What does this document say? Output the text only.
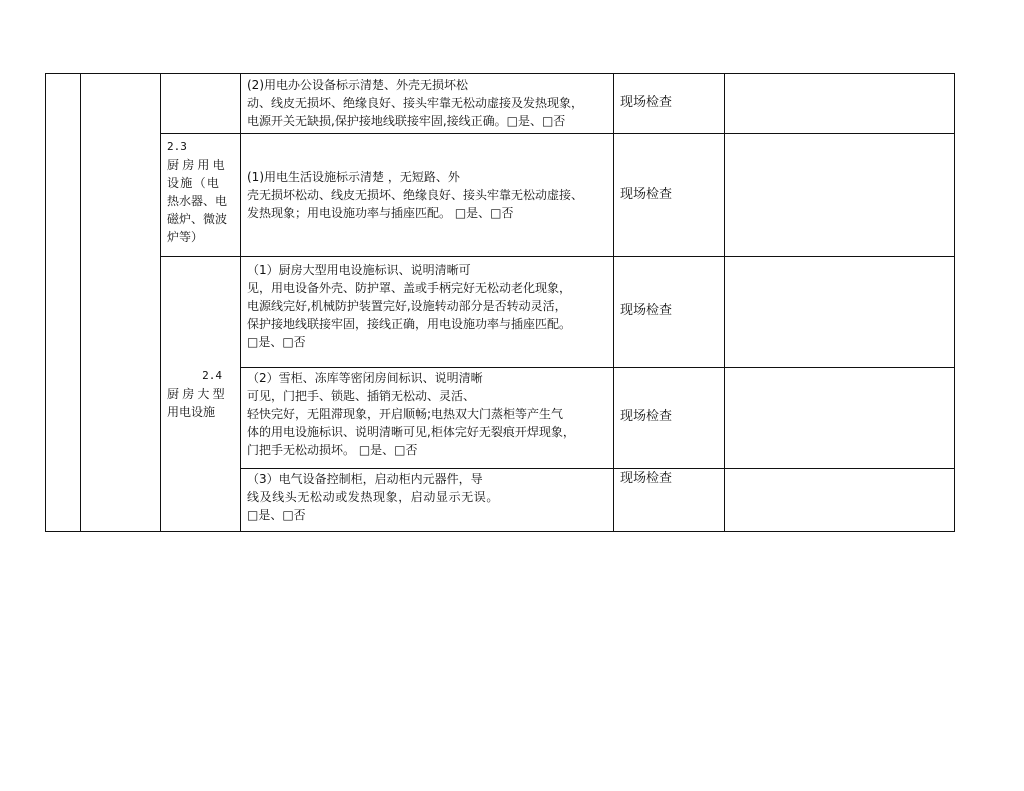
(2)用电办公设备标示清楚、外壳无损坏松
动、线皮无损坏、绝缘良好、接头牢靠无松动虚接及发热现象，
电源开关无缺损,保护接地线联接牢固,接线正确。□是、□否
现场检查
2.3
厨房用电
设施（电
热水器、电
磁炉、微波
炉等）
(1)用电生活设施标示清楚 ，无短路、外
壳无损坏松动、线皮无损坏、绝缘良好、接头牢靠无松动虚接、
发热现象；用电设施功率与插座匹配。 □是、□否
现场检查
2.4
厨房大型
用电设施
（1）厨房大型用电设施标识、说明清晰可
见，用电设备外壳、防护罩、盖或手柄完好无松动老化现象，
电源线完好,机械防护装置完好,设施转动部分是否转动灵活，
保护接地线联接牢固，接线正确，用电设施功率与插座匹配。
□是、□否
现场检查
（2）雪柜、冻库等密闭房间标识、说明清晰
可见，门把手、锁匙、插销无松动、灵活、
轻快完好，无阻滞现象，开启顺畅;电热双大门蒸柜等产生气
体的用电设施标识、说明清晰可见,柜体完好无裂痕开焊现象，
门把手无松动损坏。 □是、□否
现场检查
（3）电气设备控制柜，启动柜内元器件，导
线及线头无松动或发热现象，启动显示无误。
□是、□否
现场检查
